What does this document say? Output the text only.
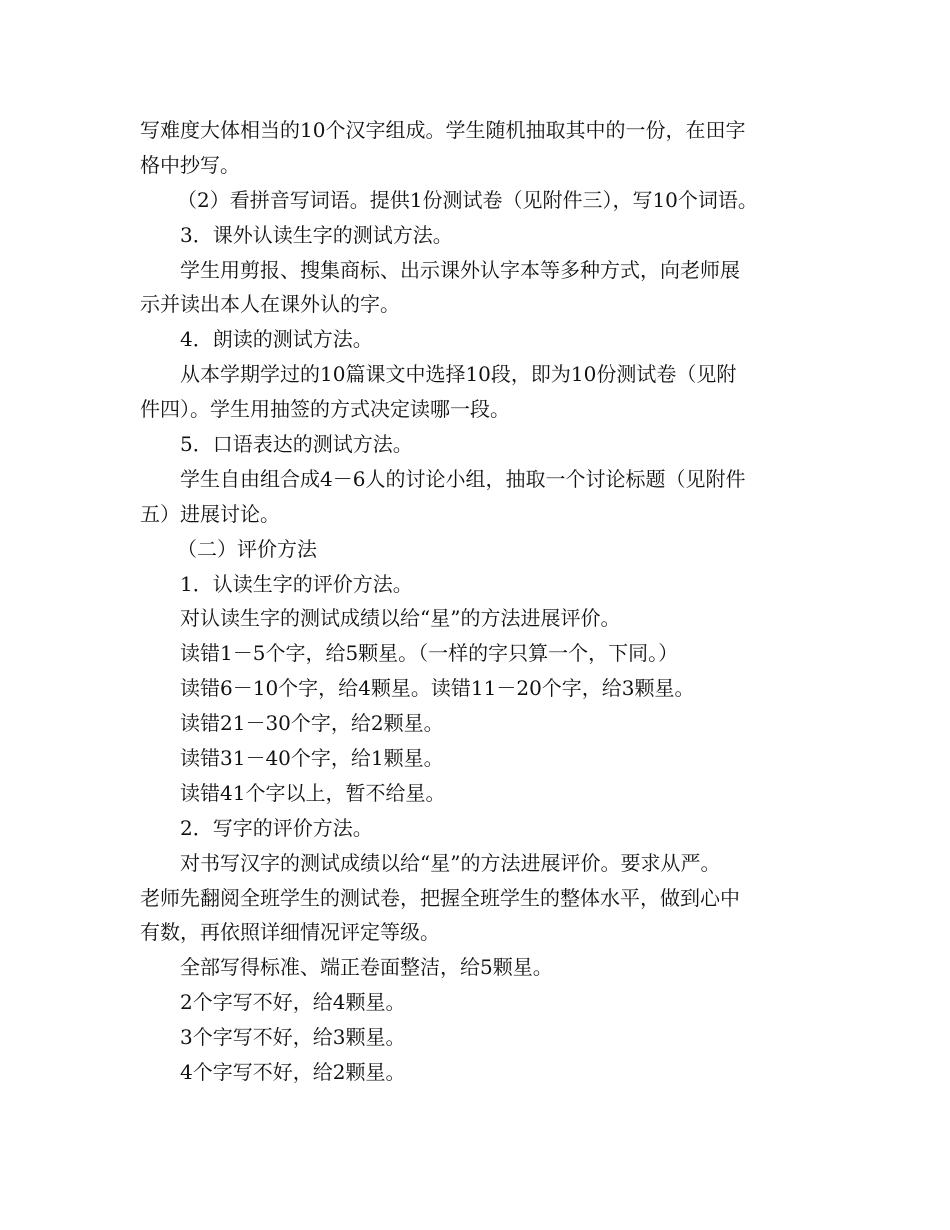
写难度大体相当的10个汉字组成。学生随机抽取其中的一份，在田字
格中抄写。
（2）看拼音写词语。提供1份测试卷（见附件三），写10个词语。
3．课外认读生字的测试方法。
学生用剪报、搜集商标、出示课外认字本等多种方式，向老师展
示并读出本人在课外认的字。
4．朗读的测试方法。
从本学期学过的10篇课文中选择10段，即为10份测试卷（见附
件四）。学生用抽签的方式决定读哪一段。
5．口语表达的测试方法。
学生自由组合成4－6人的讨论小组，抽取一个讨论标题（见附件
五）进展讨论。
（二）评价方法
1．认读生字的评价方法。
对认读生字的测试成绩以给“星”的方法进展评价。
读错1－5个字，给5颗星。（一样的字只算一个，下同。）
读错6－10个字，给4颗星。读错11－20个字，给3颗星。
读错21－30个字，给2颗星。
读错31－40个字，给1颗星。
读错41个字以上，暂不给星。
2．写字的评价方法。
对书写汉字的测试成绩以给“星”的方法进展评价。要求从严。
老师先翻阅全班学生的测试卷，把握全班学生的整体水平，做到心中
有数，再依照详细情况评定等级。
全部写得标准、端正卷面整洁，给5颗星。
2个字写不好，给4颗星。
3个字写不好，给3颗星。
4个字写不好，给2颗星。
